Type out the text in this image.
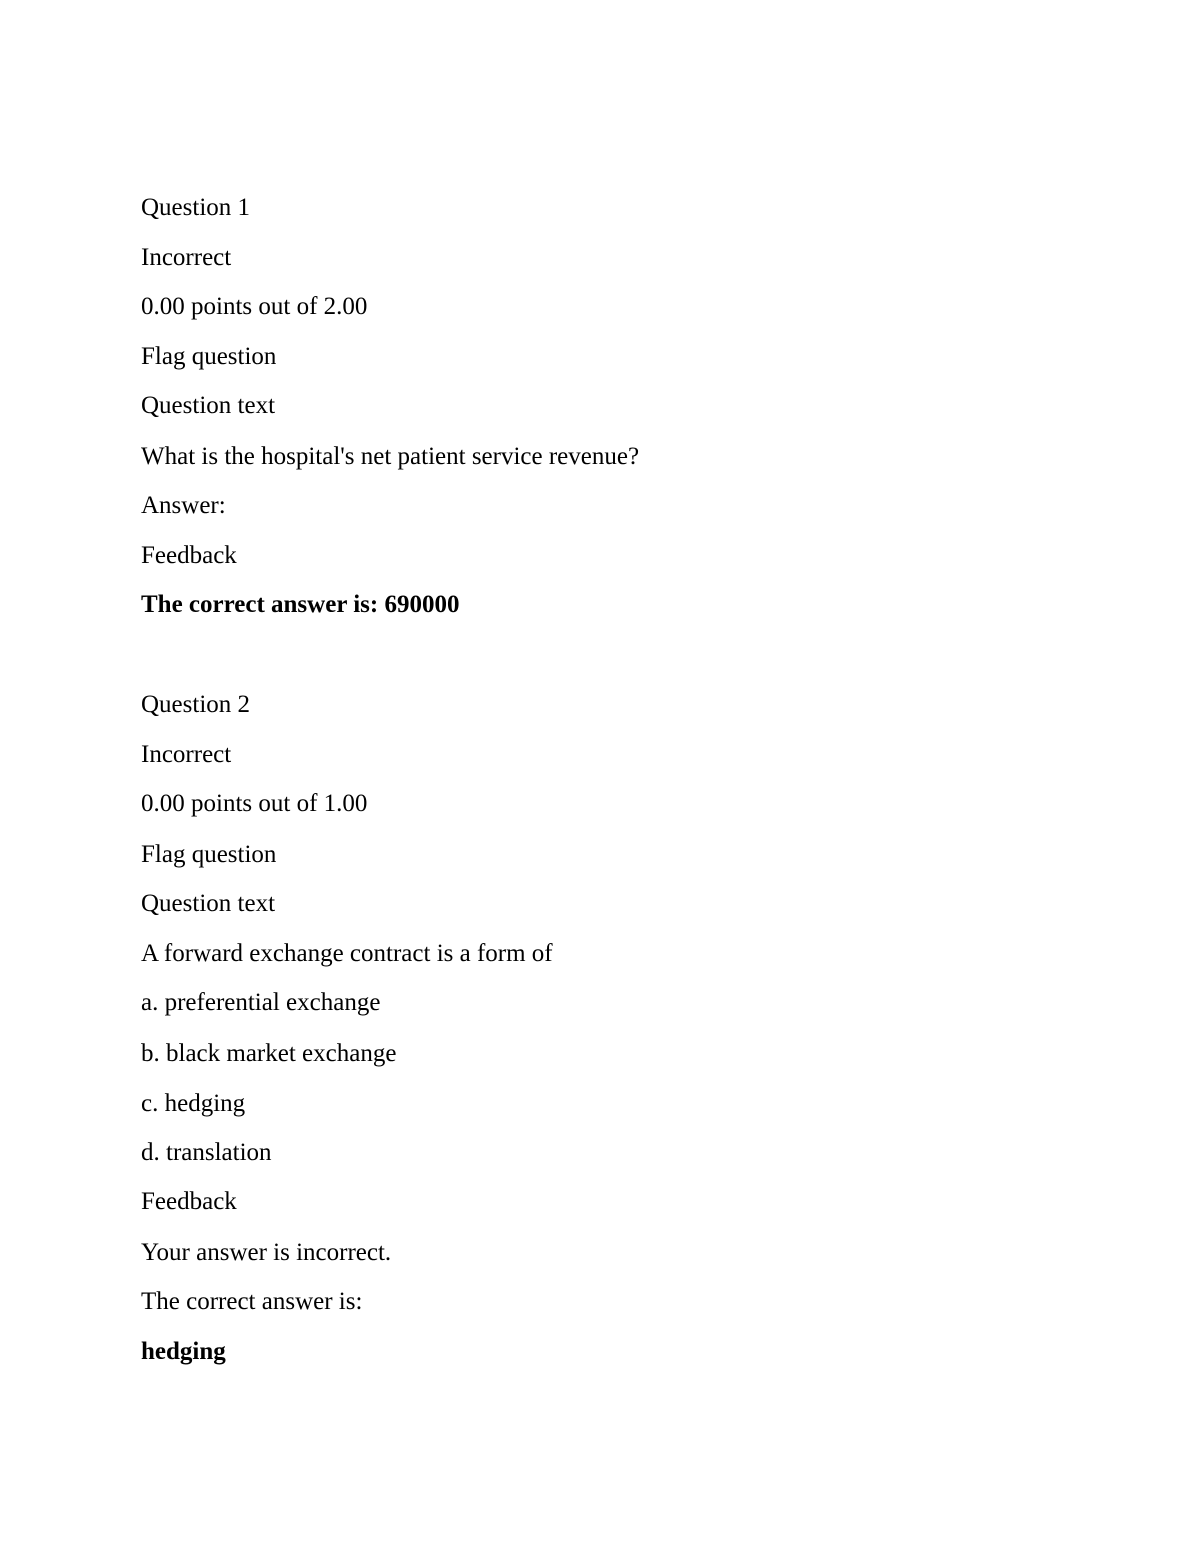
Question 1
Incorrect
0.00 points out of 2.00
Flag question
Question text
What is the hospital's net patient service revenue?
Answer:
Feedback
The correct answer is: 690000
Question 2
Incorrect
0.00 points out of 1.00
Flag question
Question text
A forward exchange contract is a form of
a. preferential exchange
b. black market exchange
c. hedging
d. translation
Feedback
Your answer is incorrect.
The correct answer is:
hedging
